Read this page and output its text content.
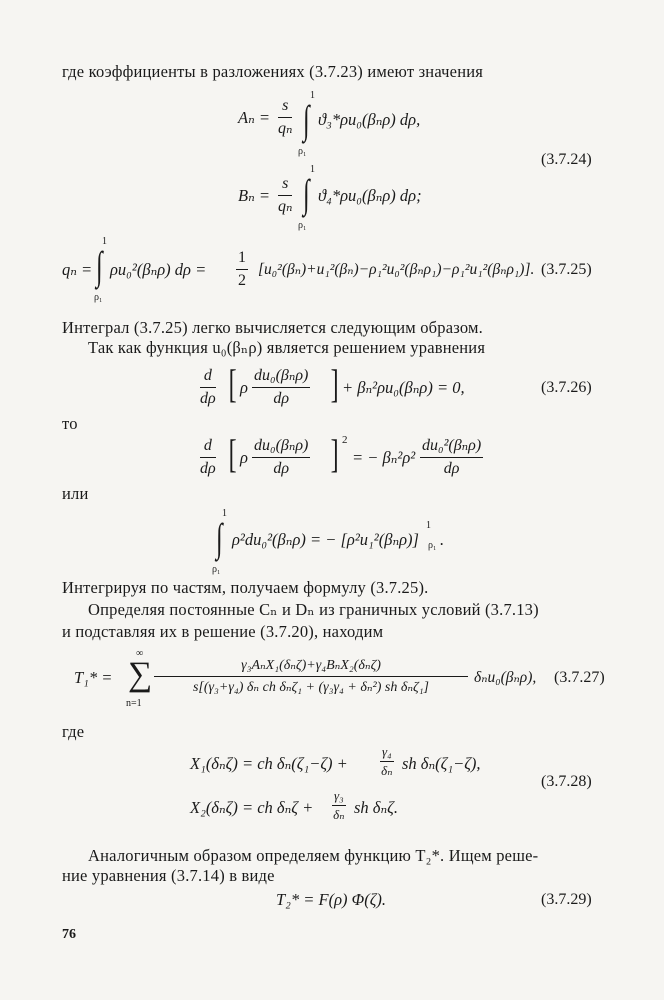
где коэффициенты в разложениях (3.7.23) имеют значения
$A_n = \frac{s}{\text{qₙ}}$
1
∫
ρ₁
ϑ₃*ρu₀(βₙρ) dρ,
(3.7.24)
$B_n = \frac{s}{\text{qₙ}}$
1
∫
ρ₁
ϑ₄*ρu₀(βₙρ) dρ;
qₙ =
1
∫
ρ₁
ρu₀²(βₙρ) $d\rho = \frac{1}{2} [u_0^2(\beta_n)+u_1^2(\beta_n)-\rho_1^2u_0^2(\beta_n\rho_1)-\rho_1^2u_1^2(\beta_n\rho_1)]$. (3.7.25)
Интеграл (3.7.25) легко вычисляется следующим образом.
Так как функция u₀(βₙρ) является решением уравнения
d
dρ [ ρ
du₀(βₙρ)
dρ	] + βₙ²ρu₀(βₙρ) = 0,	(3.7.26)
то
d
dρ [ ρ
du₀(βₙρ)
dρ	] 2
= − βₙ²ρ²
du₀²(βₙρ)
dρ
или
1
∫
ρ₁
ρ²du₀²(βₙρ) = − [ρ²u₁²(βₙρ)]
1
ρ₁ .
Интегрируя по частям, получаем формулу (3.7.25).
Определяя постоянные Cₙ и Dₙ из граничных условий (3.7.13)
и подставляя их в решение (3.7.20), находим
T₁* =
∞
∑
n=1
γ₃AₙX₁(δₙζ)+γ₄BₙX₂(δₙζ)
s[(γ₃+γ₄) δₙ ch δₙζ₁ + (γ₃γ₄ + δₙ²) sh δₙζ₁]
δₙu₀(βₙρ), (3.7.27)
где
X₁(δₙζ) = ch $\delta_n(\zeta_1-\zeta) + \frac{\text{γ₄}}{\text{δₙ}}$ sh δₙ(ζ₁−ζ),
(3.7.28)
X₂(δₙζ) = ch $\delta_n\zeta + \frac{\text{γ₃}}{\text{δₙ}}$ sh δₙζ.
Аналогичным образом определяем функцию T₂*. Ищем реше-
ние уравнения (3.7.14) в виде
T₂* = F(ρ) Φ(ζ).	(3.7.29)
76
